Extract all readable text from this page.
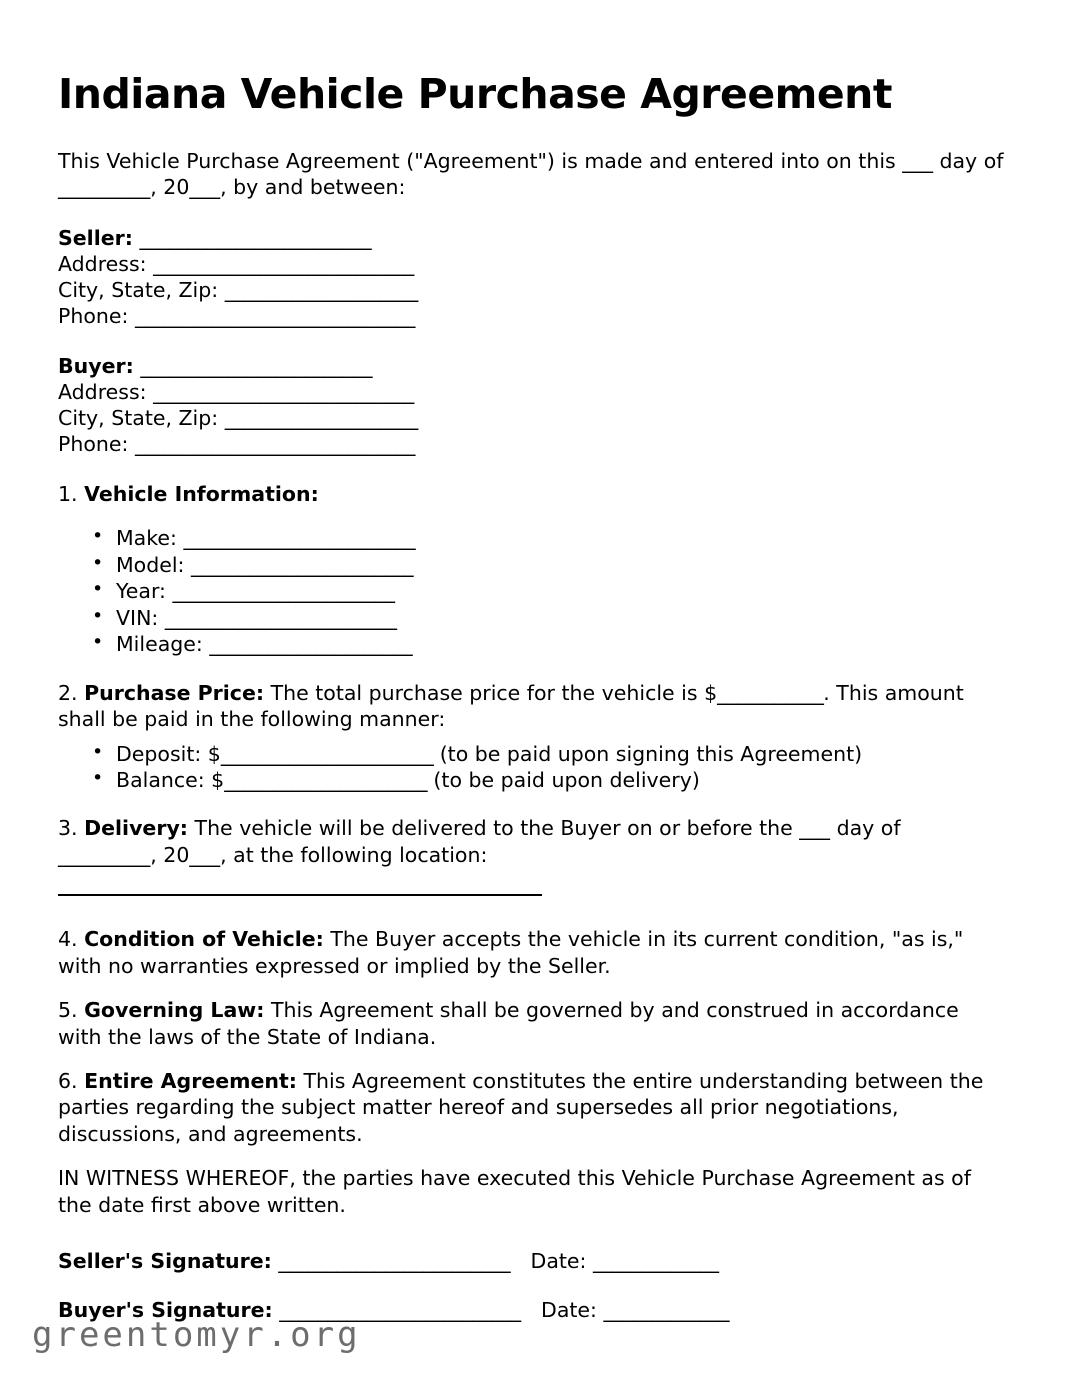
Indiana Vehicle Purchase Agreement

This Vehicle Purchase Agreement ("Agreement") is made and entered into on this ___ day of _________, 20___, by and between:

Seller: ________________________
Address: ___________________________
City, State, Zip: ____________________
Phone: _____________________________
Buyer: ________________________
Address: ___________________________
City, State, Zip: ____________________
Phone: _____________________________
1. Vehicle Information:
• Make: ________________________
• Model: _______________________
• Year: _______________________
• VIN: ________________________
• Mileage: _____________________
2. Purchase Price: The total purchase price for the vehicle is $___________. This amount shall be paid in the following manner:
• Deposit: $______________________ (to be paid upon signing this Agreement)
• Balance: $_____________________ (to be paid upon delivery)
3. Delivery: The vehicle will be delivered to the Buyer on or before the ___ day of _________, 20___, at the following location:
4. Condition of Vehicle: The Buyer accepts the vehicle in its current condition, "as is," with no warranties expressed or implied by the Seller.
5. Governing Law: This Agreement shall be governed by and construed in accordance with the laws of the State of Indiana.
6. Entire Agreement: This Agreement constitutes the entire understanding between the parties regarding the subject matter hereof and supersedes all prior negotiations, discussions, and agreements.

IN WITNESS WHEREOF, the parties have executed this Vehicle Purchase Agreement as of the date first above written.

Seller's Signature: ________________________ Date: _____________
Buyer's Signature: _________________________ Date: _____________
greentomyr.org
